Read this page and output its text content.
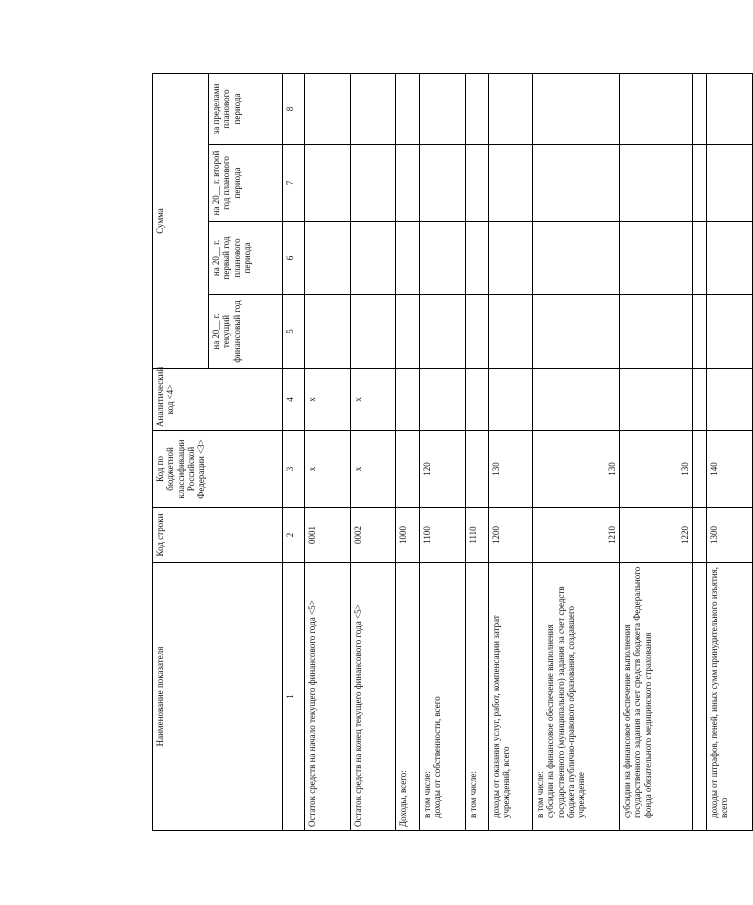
Наименование показателя	Код строки	Код по бюджетной классификации Российской Федерации <3>	Аналитический код <4>	Сумма			
				на 20__ г. текущий финансовый год	на 20__ г. первый год планового периода	на 20__ г. второй год планового периода	за пределами планового периода
1	2	3	4	5	6	7	8
Остаток средств на начало текущего финансового года <5>	0001	x	x				
Остаток средств на конец текущего финансового года <5>	0002	x	x				
Доходы, всего:	1000						
в том числе:
доходы от собственности, всего	1100	120					
в том числе:	1110						
доходы от оказания услуг, работ, компенсации затрат учреждений, всего	1200	130					
в том числе:
субсидии на финансовое обеспечение выполнения государственного (муниципального) задания за счет средств бюджета публично-правового образования, создавшего учреждение	1210	130					
субсидии на финансовое обеспечение выполнения государственного задания за счет средств бюджета Федерального фонда обязательного медицинского страхования	1220	130					

доходы от штрафов, пеней, иных сумм принудительного изъятия, всего	1300	140					
